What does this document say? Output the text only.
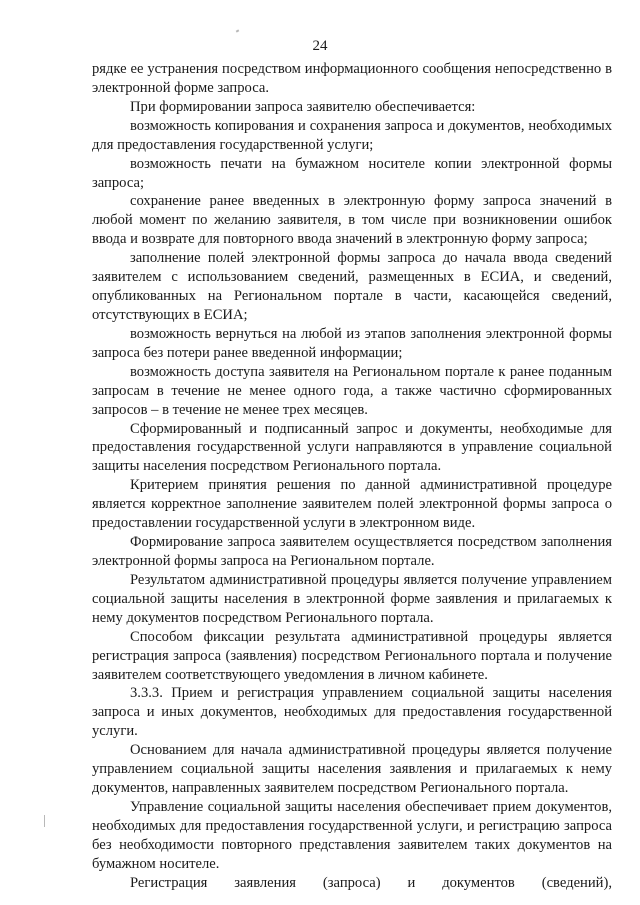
24

рядке ее устранения посредством информационного сообщения непосредственно в электронной форме запроса.

При формировании запроса заявителю обеспечивается:

возможность копирования и сохранения запроса и документов, необходимых для предоставления государственной услуги;

возможность печати на бумажном носителе копии электронной формы запроса;

сохранение ранее введенных в электронную форму запроса значений в любой момент по желанию заявителя, в том числе при возникновении ошибок ввода и возврате для повторного ввода значений в электронную форму запроса;

заполнение полей электронной формы запроса до начала ввода сведений заявителем с использованием сведений, размещенных в ЕСИА, и сведений, опубликованных на Региональном портале в части, касающейся сведений, отсутствующих в ЕСИА;

возможность вернуться на любой из этапов заполнения электронной формы запроса без потери ранее введенной информации;

возможность доступа заявителя на Региональном портале к ранее поданным запросам в течение не менее одного года, а также частично сформированных запросов – в течение не менее трех месяцев.

Сформированный и подписанный запрос и документы, необходимые для предоставления государственной услуги направляются в управление социальной защиты населения посредством Регионального портала.

Критерием принятия решения по данной административной процедуре является корректное заполнение заявителем полей электронной формы запроса о предоставлении государственной услуги в электронном виде.

Формирование запроса заявителем осуществляется посредством заполнения электронной формы запроса на Региональном портале.

Результатом административной процедуры является получение управлением социальной защиты населения в электронной форме заявления и прилагаемых к нему документов посредством Регионального портала.

Способом фиксации результата административной процедуры является регистрация запроса (заявления) посредством Регионального портала и получение заявителем соответствующего уведомления в личном кабинете.

3.3.3. Прием и регистрация управлением социальной защиты населения запроса и иных документов, необходимых для предоставления государственной услуги.

Основанием для начала административной процедуры является получение управлением социальной защиты населения заявления и прилагаемых к нему документов, направленных заявителем посредством Регионального портала.

Управление социальной защиты населения обеспечивает прием документов, необходимых для предоставления государственной услуги, и регистрацию запроса без необходимости повторного представления заявителем таких документов на бумажном носителе.

Регистрация заявления (запроса) и документов (сведений),
